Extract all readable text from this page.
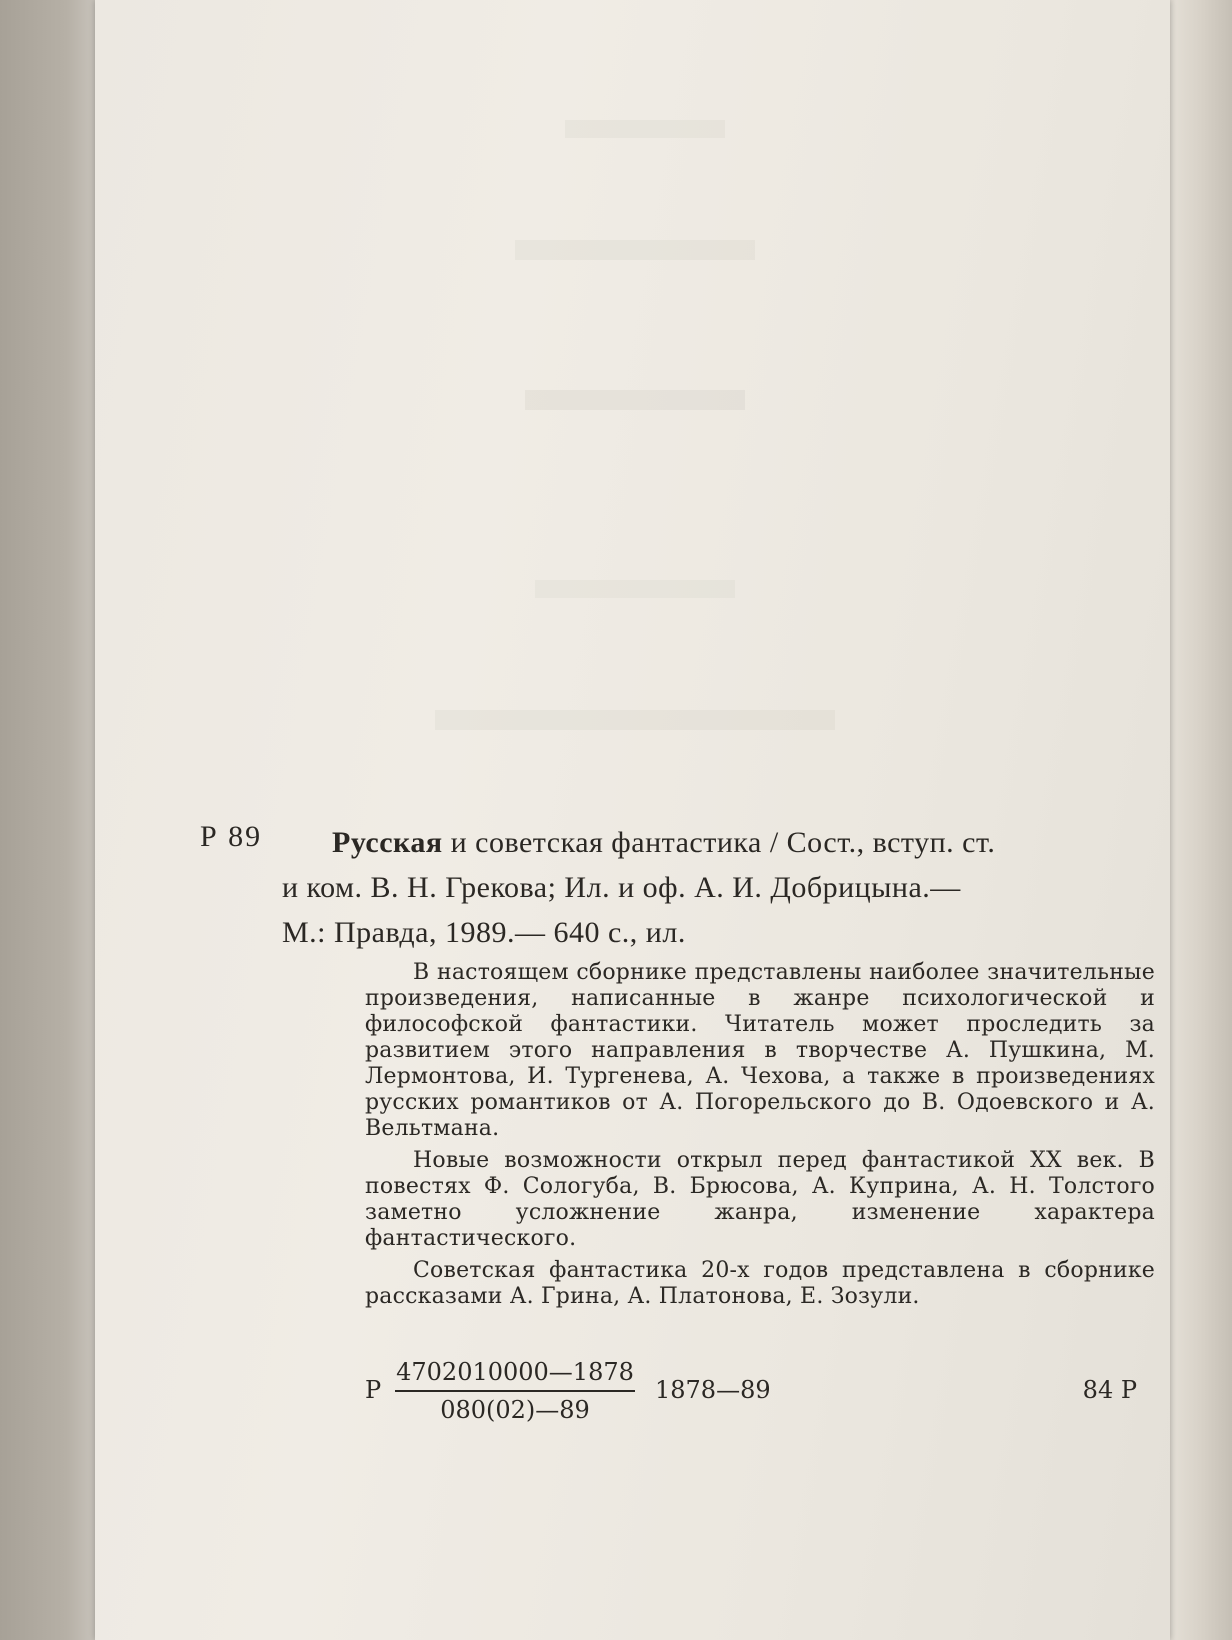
Р 89 Русская и советская фантастика / Сост., вступ. ст.
и ком. В. Н. Грекова; Ил. и оф. А. И. Добрицына.—
М.: Правда, 1989.— 640 с., ил.

В настоящем сборнике представлены наиболее значительные произведения, написанные в жанре психологической и философской фантастики. Читатель может проследить за развитием этого направления в творчестве А. Пушкина, М. Лермонтова, И. Тургенева, А. Чехова, а также в произведениях русских романтиков от А. Погорельского до В. Одоевского и А. Вельтмана.

Новые возможности открыл перед фантастикой XX век. В повестях Ф. Сологуба, В. Брюсова, А. Куприна, А. Н. Толстого заметно усложнение жанра, изменение характера фантастического.

Советская фантастика 20-х годов представлена в сборнике рассказами А. Грина, А. Платонова, Е. Зозули.

Р $\frac{4702010000—1878}{080(02)—89}$ 1878—89	84 Р
